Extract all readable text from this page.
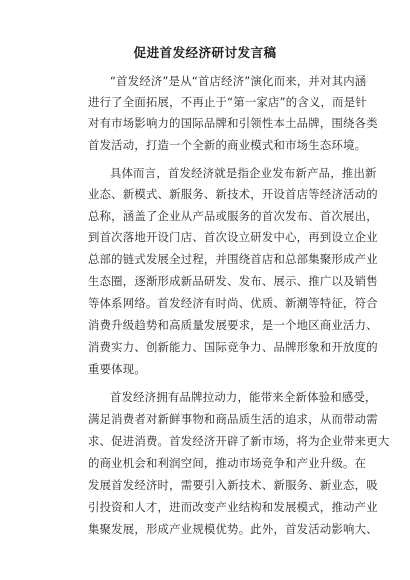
促进首发经济研讨发言稿
“首发经济”是从“首店经济”演化而来，并对其内涵
进行了全面拓展，不再止于“第一家店”的含义，而是针
对有市场影响力的国际品牌和引领性本土品牌，围绕各类
首发活动，打造一个全新的商业模式和市场生态环境。
具体而言，首发经济就是指企业发布新产品，推出新
业态、新模式、新服务、新技术，开设首店等经济活动的
总称，涵盖了企业从产品或服务的首次发布、首次展出，
到首次落地开设门店、首次设立研发中心，再到设立企业
总部的链式发展全过程，并围绕首店和总部集聚形成产业
生态圈，逐渐形成新品研发、发布、展示、推广以及销售
等体系网络。首发经济有时尚、优质、新潮等特征，符合
消费升级趋势和高质量发展要求，是一个地区商业活力、
消费实力、创新能力、国际竞争力、品牌形象和开放度的
重要体现。
首发经济拥有品牌拉动力，能带来全新体验和感受，
满足消费者对新鲜事物和商品质生活的追求，从而带动需
求、促进消费。首发经济开辟了新市场，将为企业带来更大
的商业机会和利润空间，推动市场竞争和产业升级。在
发展首发经济时，需要引入新技术、新服务、新业态，吸
引投资和人才，进而改变产业结构和发展模式，推动产业
集聚发展，形成产业规模优势。此外，首发活动影响大、
